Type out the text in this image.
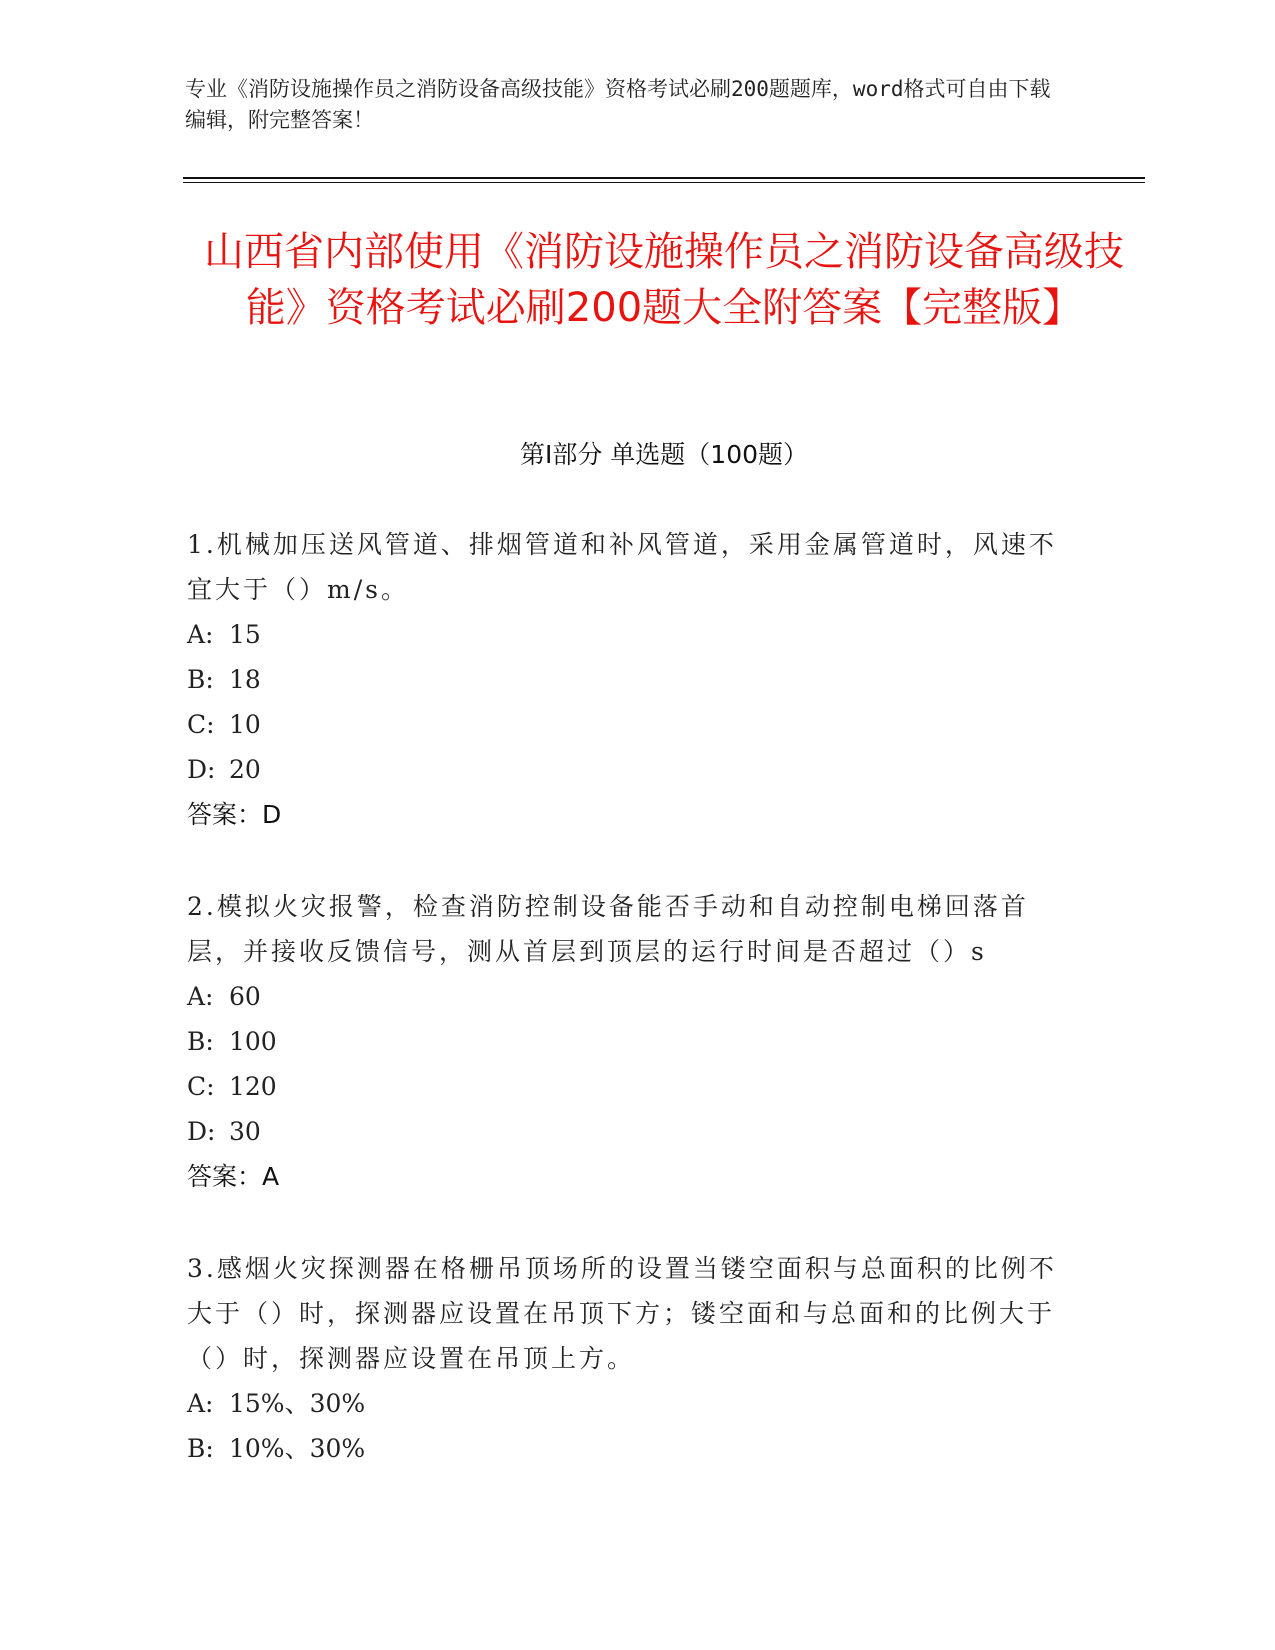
专业《消防设施操作员之消防设备高级技能》资格考试必刷200题题库，word格式可自由下载编辑，附完整答案！
山西省内部使用《消防设施操作员之消防设备高级技能》资格考试必刷200题大全附答案【完整版】
第Ⅰ部分 单选题（100题）
1.机械加压送风管道、排烟管道和补风管道，采用金属管道时，风速不宜大于（）m/s。
A: 15
B: 18
C: 10
D: 20
答案：D
2.模拟火灾报警，检查消防控制设备能否手动和自动控制电梯回落首层，并接收反馈信号，测从首层到顶层的运行时间是否超过（）s
A: 60
B: 100
C: 120
D: 30
答案：A
3.感烟火灾探测器在格栅吊顶场所的设置当镂空面积与总面积的比例不大于（）时，探测器应设置在吊顶下方；镂空面和与总面和的比例大于（）时，探测器应设置在吊顶上方。
A: 15%、30%
B: 10%、30%
